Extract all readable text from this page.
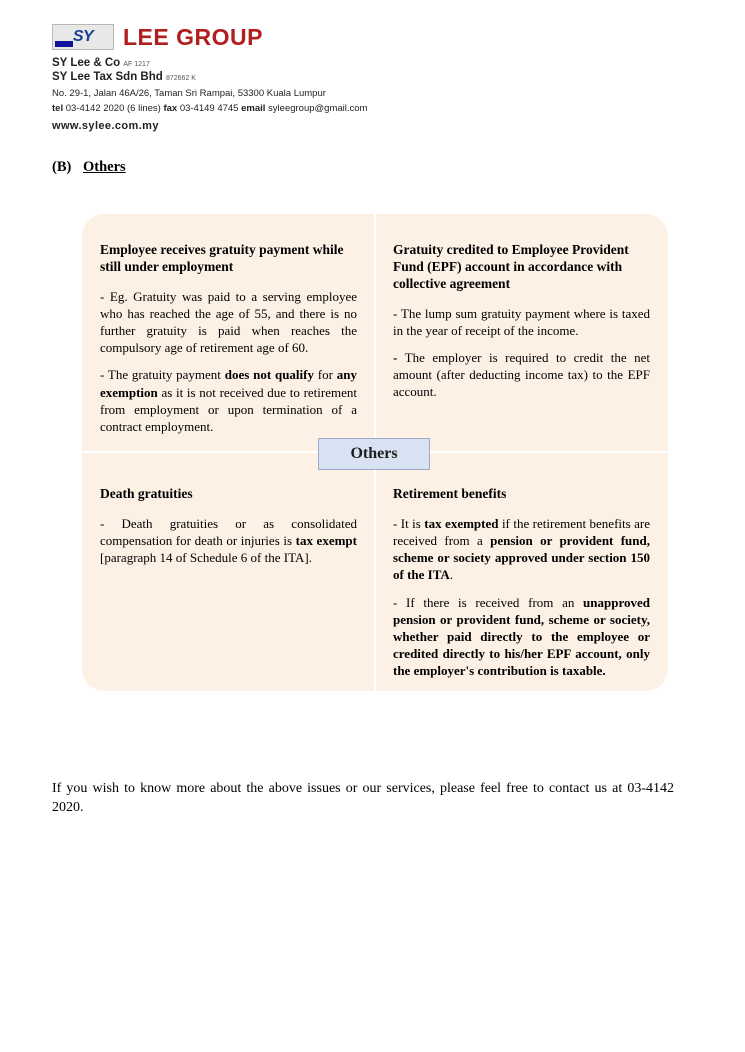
SY LEE GROUP
SY Lee & Co AF 1217
SY Lee Tax Sdn Bhd 872662 K
No. 29-1, Jalan 46A/26, Taman Sri Rampai, 53300 Kuala Lumpur
tel 03-4142 2020 (6 lines) fax 03-4149 4745 email syleegroup@gmail.com
www.sylee.com.my
(B) Others
Employee receives gratuity payment while still under employment

- Eg. Gratuity was paid to a serving employee who has reached the age of 55, and there is no further gratuity is paid when reaches the compulsory age of retirement age of 60.

- The gratuity payment does not qualify for any exemption as it is not received due to retirement from employment or upon termination of a contract employment.

Gratuity credited to Employee Provident Fund (EPF) account in accordance with collective agreement

- The lump sum gratuity payment where is taxed in the year of receipt of the income.

- The employer is required to credit the net amount (after deducting income tax) to the EPF account.

Death gratuities

- Death gratuities or as consolidated compensation for death or injuries is tax exempt [paragraph 14 of Schedule 6 of the ITA].

Retirement benefits

- It is tax exempted if the retirement benefits are received from a pension or provident fund, scheme or society approved under section 150 of the ITA.

- If there is received from an unapproved pension or provident fund, scheme or society, whether paid directly to the employee or credited directly to his/her EPF account, only the employer's contribution is taxable.

Others
If you wish to know more about the above issues or our services, please feel free to contact us at 03-4142 2020.
